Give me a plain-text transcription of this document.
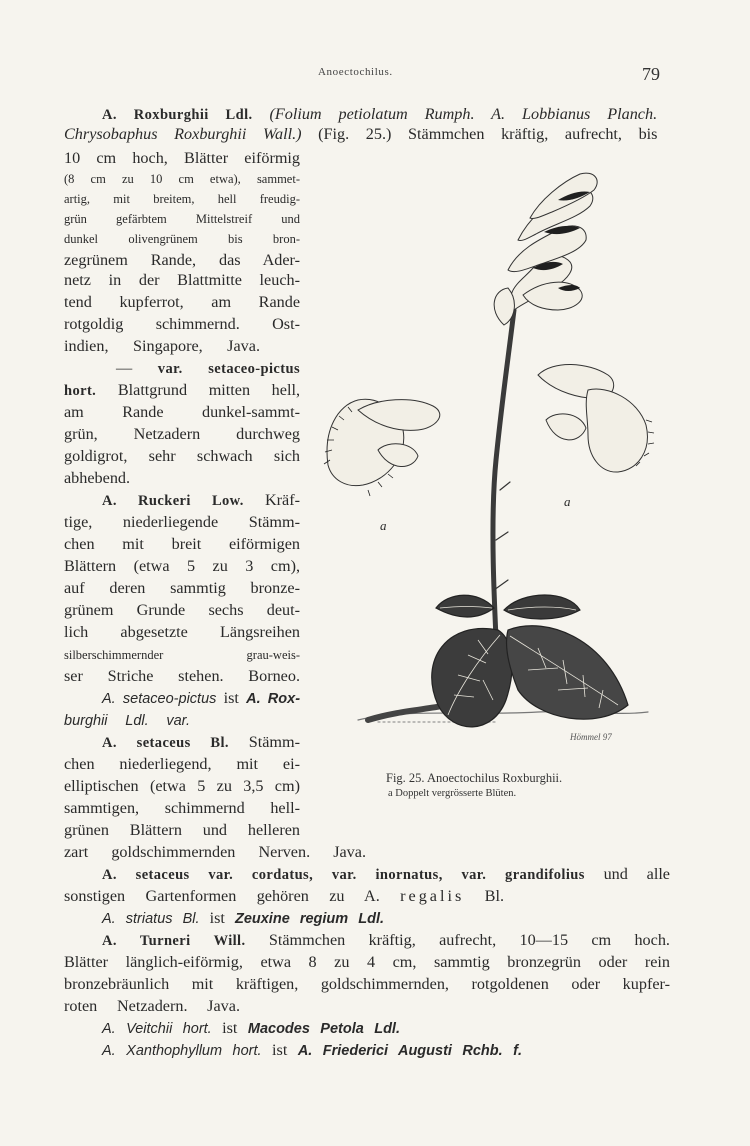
Anoectochilus.	79
A. Roxburghii Ldl. (Folium petiolatum Rumph. A. Lobbianus Planch.
Chrysobaphus Roxburghii Wall.) (Fig. 25.) Stämmchen kräftig, aufrecht, bis
10 cm hoch, Blätter eiförmig
(8 cm zu 10 cm etwa), sammet-
artig, mit breitem, hell freudig-
grün gefärbtem Mittelstreif und
dunkel olivengrünem bis bron-
zegrünem Rande, das Ader-
netz in der Blattmitte leuch-
tend kupferrot, am Rande
rotgoldig schimmernd. Ost-
indien, Singapore, Java.
— var. setaceo-pictus
hort. Blattgrund mitten hell,
am Rande dunkel-sammt-
grün, Netzadern durchweg
goldigrot, sehr schwach sich
abhebend.
A. Ruckeri Low. Kräf-
tige, niederliegende Stämm-
chen mit breit eiförmigen
Blättern (etwa 5 zu 3 cm),
auf deren sammtig bronze-
grünem Grunde sechs deut-
lich abgesetzte Längsreihen
silberschimmernder grau-weis-
ser Striche stehen. Borneo.
A. setaceo-pictus ist A. Rox-
burghii Ldl. var.
A. setaceus Bl. Stämm-
chen niederliegend, mit ei-
elliptischen (etwa 5 zu 3,5 cm)
sammtigen, schimmernd hell-
grünen Blättern und helleren
zart goldschimmernden Nerven. Java.
A. setaceus var. cordatus, var. inornatus, var. grandifolius und alle
sonstigen Gartenformen gehören zu A. regalis Bl.
A. striatus Bl. ist Zeuxine regium Ldl.
A. Turneri Will. Stämmchen kräftig, aufrecht, 10—15 cm hoch.
Blätter länglich-eiförmig, etwa 8 zu 4 cm, sammtig bronzegrün oder rein
bronzebräunlich mit kräftigen, goldschimmernden, rotgoldenen oder kupfer-
roten Netzadern. Java.
A. Veitchii hort. ist Macodes Petola Ldl.
A. Xanthophyllum hort. ist A. Friederici Augusti Rchb. f.
a
a
Hömmel 97
Fig. 25. Anoectochilus Roxburghii.
a Doppelt vergrösserte Blüten.
